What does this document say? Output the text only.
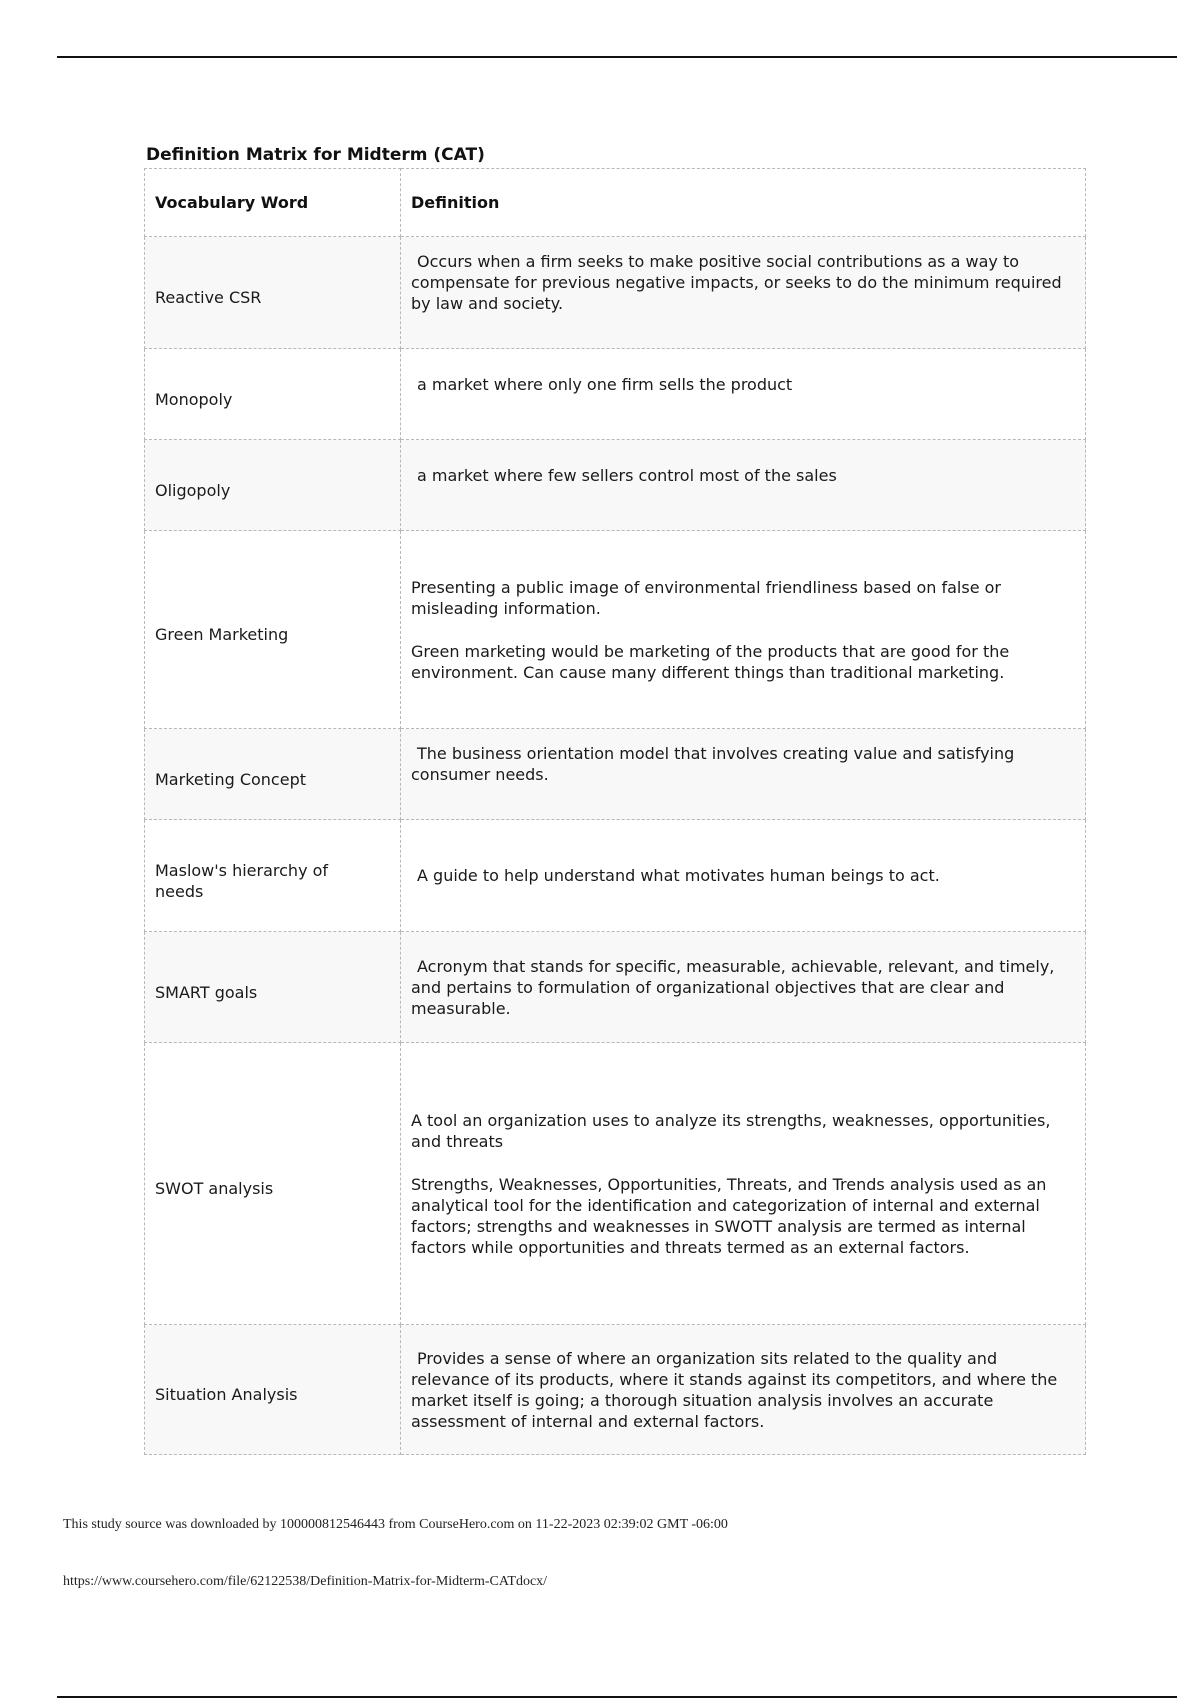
Definition Matrix for Midterm (CAT)
Vocabulary Word	Definition
Reactive CSR	Occurs when a firm seeks to make positive social contributions as a way to compensate for previous negative impacts, or seeks to do the minimum required by law and society.

Monopoly	a market where only one firm sells the product

Oligopoly	a market where few sellers control most of the sales

Green Marketing	Presenting a public image of environmental friendliness based on false or misleading information.

Green marketing would be marketing of the products that are good for the environment. Can cause many different things than traditional marketing.

Marketing Concept	The business orientation model that involves creating value and satisfying consumer needs.

Maslow's hierarchy of needs	A guide to help understand what motivates human beings to act.

SMART goals	Acronym that stands for specific, measurable, achievable, relevant, and timely, and pertains to formulation of organizational objectives that are clear and measurable.

SWOT analysis	A tool an organization uses to analyze its strengths, weaknesses, opportunities, and threats

Strengths, Weaknesses, Opportunities, Threats, and Trends analysis used as an analytical tool for the identification and categorization of internal and external factors; strengths and weaknesses in SWOTT analysis are termed as internal factors while opportunities and threats termed as an external factors.

Situation Analysis	Provides a sense of where an organization sits related to the quality and relevance of its products, where it stands against its competitors, and where the market itself is going; a thorough situation analysis involves an accurate assessment of internal and external factors.

This study source was downloaded by 100000812546443 from CourseHero.com on 11-22-2023 02:39:02 GMT -06:00

https://www.coursehero.com/file/62122538/Definition-Matrix-for-Midterm-CATdocx/
